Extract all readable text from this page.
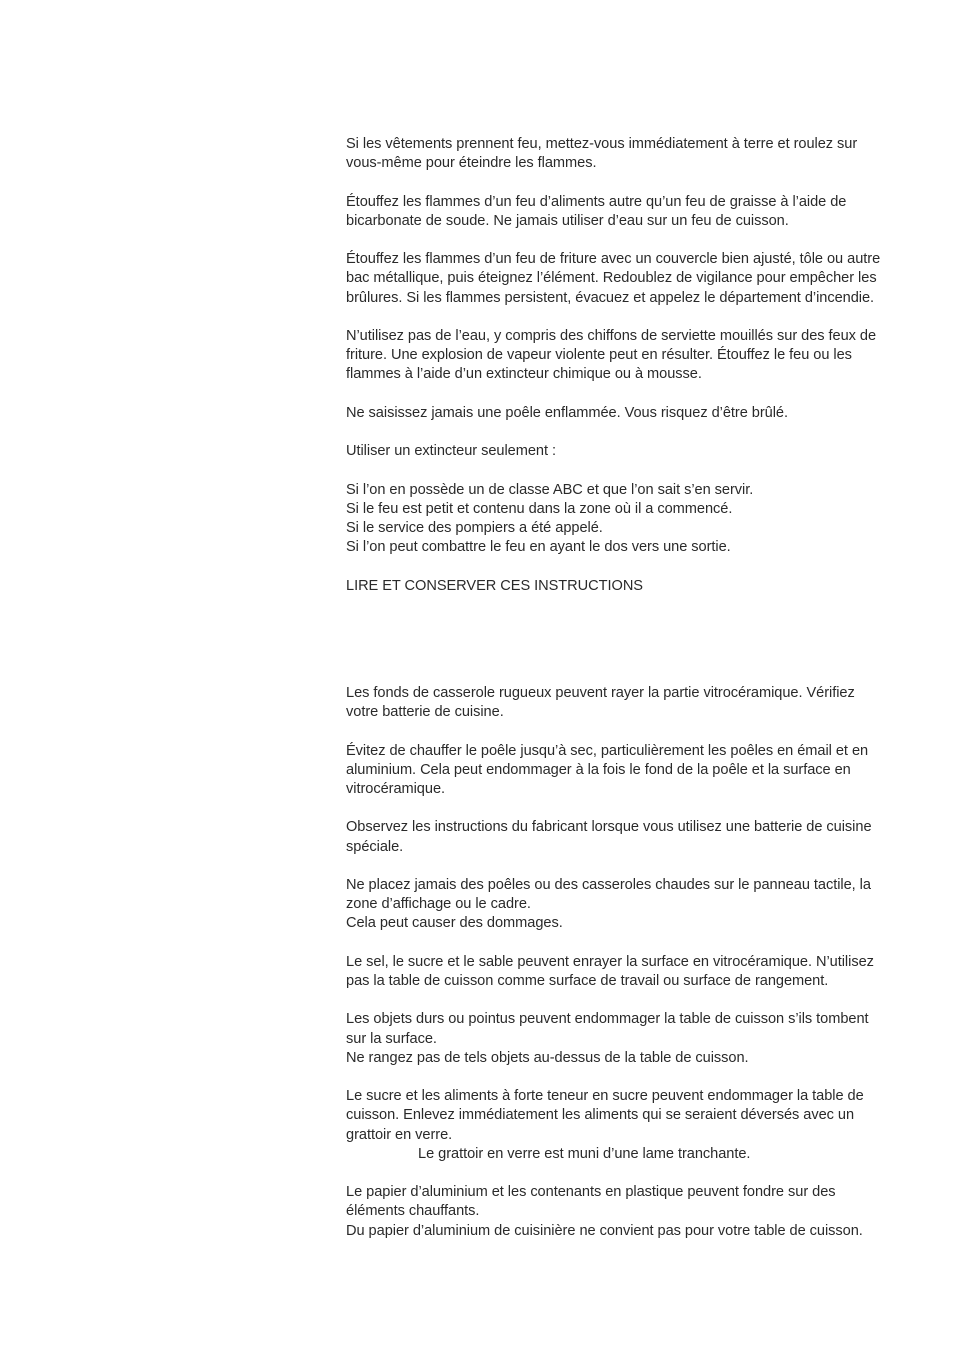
Si les vêtements prennent feu, mettez-vous immédiatement à terre et roulez sur
vous-même pour éteindre les flammes.

Étouffez les flammes d’un feu d’aliments autre qu’un feu de graisse à l’aide de
bicarbonate de soude. Ne jamais utiliser d’eau sur un feu de cuisson.

Étouffez les flammes d’un feu de friture avec un couvercle bien ajusté, tôle ou autre
bac métallique, puis éteignez l’élément. Redoublez de vigilance pour empêcher les
brûlures. Si les flammes persistent, évacuez et appelez le département d’incendie.

N’utilisez pas de l’eau, y compris des chiffons de serviette mouillés sur des feux de
friture. Une explosion de vapeur violente peut en résulter. Étouffez le feu ou les
flammes à l’aide d’un extincteur chimique ou à mousse.

Ne saisissez jamais une poêle enflammée. Vous risquez d’être brûlé.

Utiliser un extincteur seulement :

Si l’on en possède un de classe ABC et que l’on sait s’en servir.
Si le feu est petit et contenu dans la zone où il a commencé.
Si le service des pompiers a été appelé.
Si l’on peut combattre le feu en ayant le dos vers une sortie.

LIRE ET CONSERVER CES INSTRUCTIONS

Les fonds de casserole rugueux peuvent rayer la partie vitrocéramique. Vérifiez
votre batterie de cuisine.

Évitez de chauffer le poêle jusqu’à sec, particulièrement les poêles en émail et en
aluminium. Cela peut endommager à la fois le fond de la poêle et la surface en
vitrocéramique.

Observez les instructions du fabricant lorsque vous utilisez une batterie de cuisine
spéciale.

Ne placez jamais des poêles ou des casseroles chaudes sur le panneau tactile, la
zone d’affichage ou le cadre.
Cela peut causer des dommages.

Le sel, le sucre et le sable peuvent enrayer la surface en vitrocéramique. N’utilisez
pas la table de cuisson comme surface de travail ou surface de rangement.

Les objets durs ou pointus peuvent endommager la table de cuisson s’ils tombent
sur la surface.
Ne rangez pas de tels objets au-dessus de la table de cuisson.

Le sucre et les aliments à forte teneur en sucre peuvent endommager la table de
cuisson. Enlevez immédiatement les aliments qui se seraient déversés avec un
grattoir en verre.
Le grattoir en verre est muni d’une lame tranchante.

Le papier d’aluminium et les contenants en plastique peuvent fondre sur des
éléments chauffants.
Du papier d’aluminium de cuisinière ne convient pas pour votre table de cuisson.
